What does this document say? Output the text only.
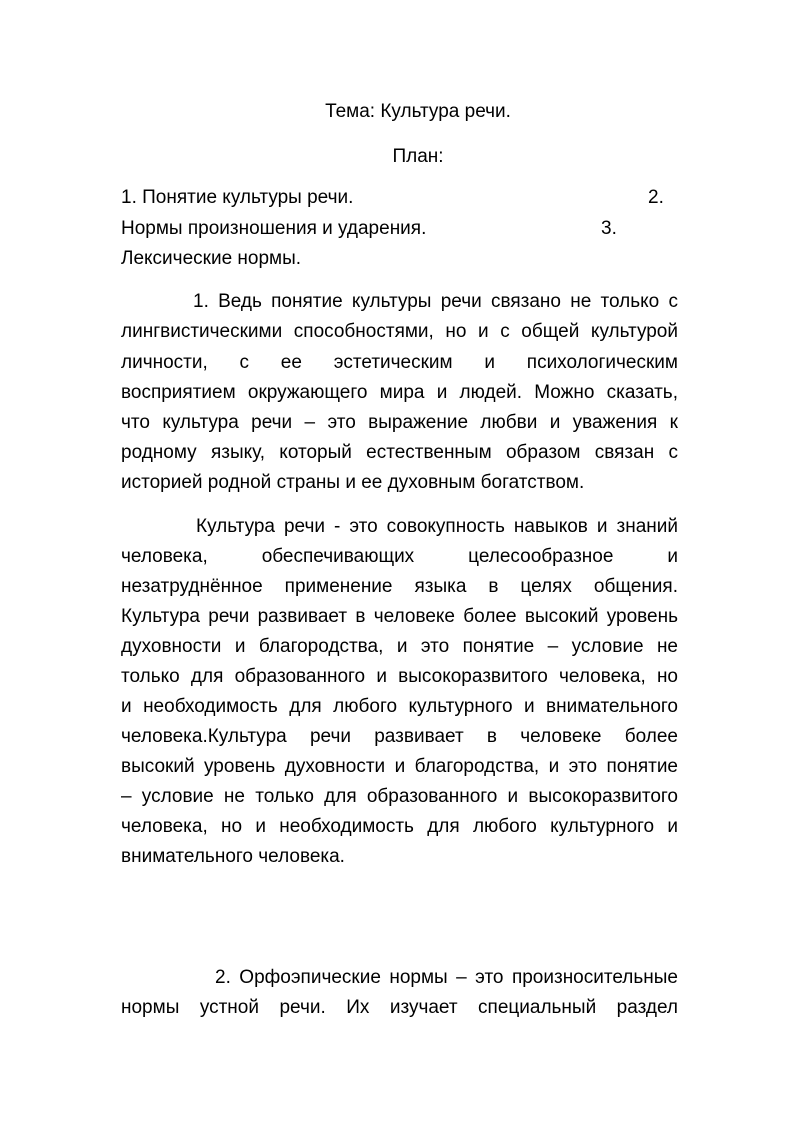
Тема: Культура речи.
План:
1. Понятие культуры речи.	2.
Нормы произношения и ударения.	3.
Лексические нормы.
1. Ведь понятие культуры речи связано не только с
лингвистическими способностями, но и с общей культурой
личности, с ее эстетическим и психологическим
восприятием окружающего мира и людей. Можно сказать,
что культура речи – это выражение любви и уважения к
родному языку, который естественным образом связан с
историей родной страны и ее духовным богатством.
Культура речи - это совокупность навыков и знаний
человека, обеспечивающих целесообразное и
незатруднённое применение языка в целях общения.
Культура речи развивает в человеке более высокий уровень
духовности и благородства, и это понятие – условие не
только для образованного и высокоразвитого человека, но
и необходимость для любого культурного и внимательного
человека.Культура речи развивает в человеке более
высокий уровень духовности и благородства, и это понятие
– условие не только для образованного и высокоразвитого
человека, но и необходимость для любого культурного и
внимательного человека.
2. Орфоэпические нормы – это произносительные
нормы устной речи. Их изучает специальный раздел
